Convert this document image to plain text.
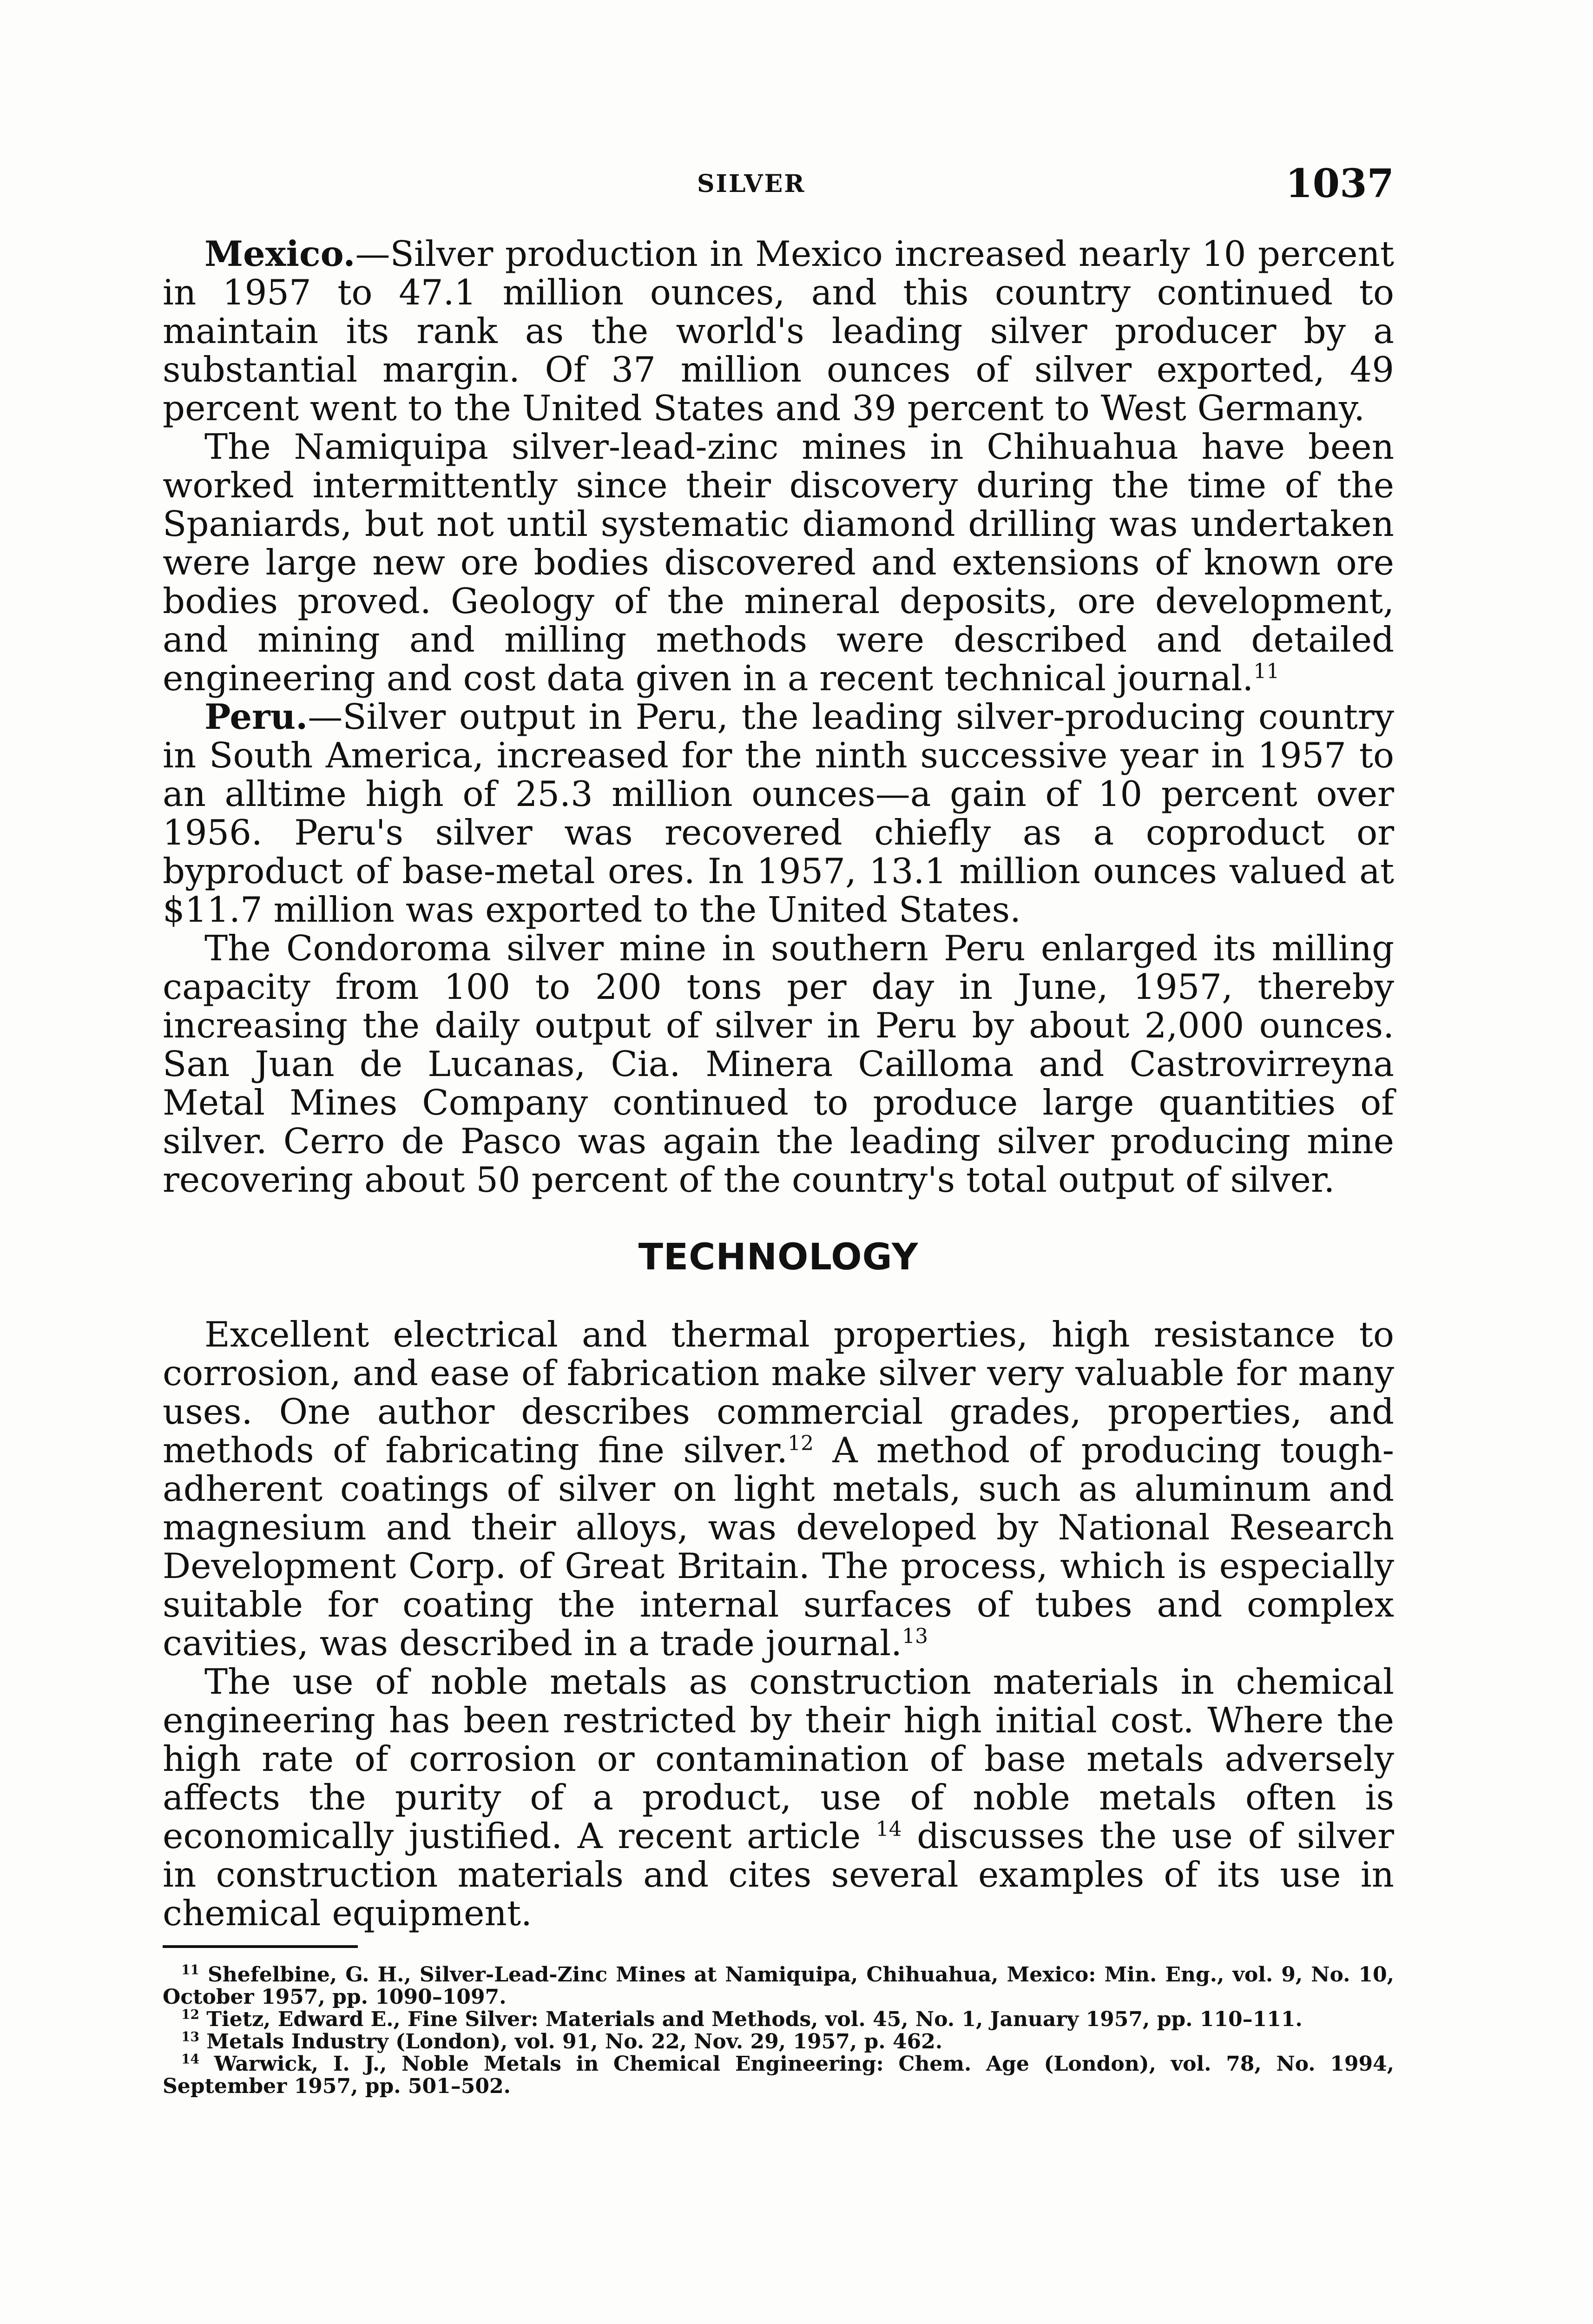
SILVER	1037

Mexico.—Silver production in Mexico increased nearly 10 percent in 1957 to 47.1 million ounces, and this country continued to maintain its rank as the world's leading silver producer by a substantial margin. Of 37 million ounces of silver exported, 49 percent went to the United States and 39 percent to West Germany.

The Namiquipa silver-lead-zinc mines in Chihuahua have been worked intermittently since their discovery during the time of the Spaniards, but not until systematic diamond drilling was undertaken were large new ore bodies discovered and extensions of known ore bodies proved. Geology of the mineral deposits, ore development, and mining and milling methods were described and detailed engineering and cost data given in a recent technical journal.$^{11}$

Peru.—Silver output in Peru, the leading silver-producing country in South America, increased for the ninth successive year in 1957 to an alltime high of 25.3 million ounces—a gain of 10 percent over 1956. Peru's silver was recovered chiefly as a coproduct or byproduct of base-metal ores. In 1957, 13.1 million ounces valued at $11.7 million was exported to the United States.

The Condoroma silver mine in southern Peru enlarged its milling capacity from 100 to 200 tons per day in June, 1957, thereby increasing the daily output of silver in Peru by about 2,000 ounces. San Juan de Lucanas, Cia. Minera Cailloma and Castrovirreyna Metal Mines Company continued to produce large quantities of silver. Cerro de Pasco was again the leading silver producing mine recovering about 50 percent of the country's total output of silver.

TECHNOLOGY

Excellent electrical and thermal properties, high resistance to corrosion, and ease of fabrication make silver very valuable for many uses. One author describes commercial grades, properties, and methods of fabricating fine silver.$^{12}$ A method of producing tough-adherent coatings of silver on light metals, such as aluminum and magnesium and their alloys, was developed by National Research Development Corp. of Great Britain. The process, which is especially suitable for coating the internal surfaces of tubes and complex cavities, was described in a trade journal.$^{13}$

The use of noble metals as construction materials in chemical engineering has been restricted by their high initial cost. Where the high rate of corrosion or contamination of base metals adversely affects the purity of a product, use of noble metals often is economically justified. A recent article $^{14}$ discusses the use of silver in construction materials and cites several examples of its use in chemical equipment.

$^{11}$ Shefelbine, G. H., Silver-Lead-Zinc Mines at Namiquipa, Chihuahua, Mexico: Min. Eng., vol. 9, No. 10, October 1957, pp. 1090–1097.

$^{12}$ Tietz, Edward E., Fine Silver: Materials and Methods, vol. 45, No. 1, January 1957, pp. 110–111.

$^{13}$ Metals Industry (London), vol. 91, No. 22, Nov. 29, 1957, p. 462.

$^{14}$ Warwick, I. J., Noble Metals in Chemical Engineering: Chem. Age (London), vol. 78, No. 1994, September 1957, pp. 501–502.
